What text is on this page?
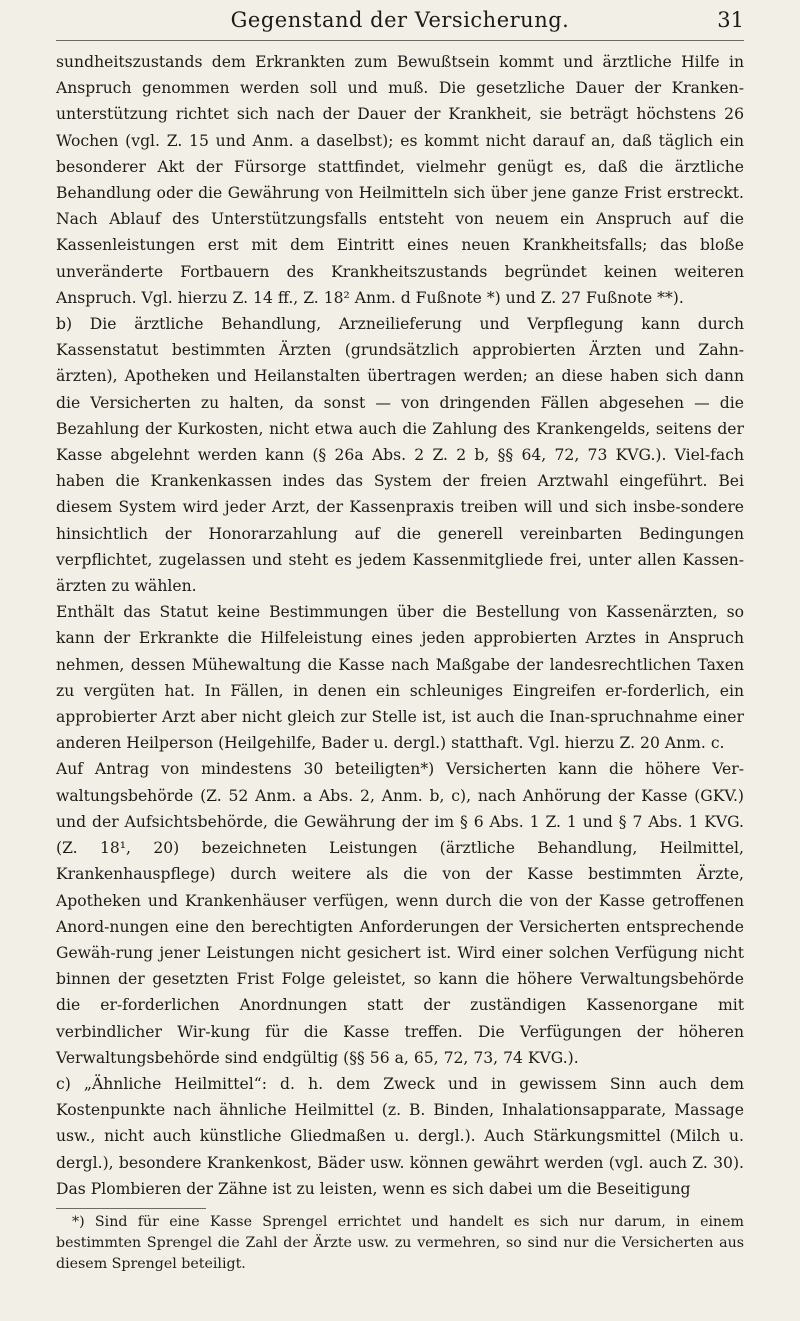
Gegenstand der Versicherung.	31

sundheitszustands dem Erkrankten zum Bewußtsein kommt und ärztliche Hilfe in Anspruch genommen werden soll und muß. Die gesetzliche Dauer der Kranken-unterstützung richtet sich nach der Dauer der Krankheit, sie beträgt höchstens 26 Wochen (vgl. Z. 15 und Anm. a daselbst); es kommt nicht darauf an, daß täglich ein besonderer Akt der Fürsorge stattfindet, vielmehr genügt es, daß die ärztliche Behandlung oder die Gewährung von Heilmitteln sich über jene ganze Frist erstreckt. Nach Ablauf des Unterstützungsfalls entsteht von neuem ein Anspruch auf die Kassenleistungen erst mit dem Eintritt eines neuen Krankheitsfalls; das bloße unveränderte Fortbauern des Krankheitszustands begründet keinen weiteren Anspruch. Vgl. hierzu Z. 14 ff., Z. 18² Anm. d Fußnote *) und Z. 27 Fußnote **).

b) Die ärztliche Behandlung, Arzneilieferung und Verpflegung kann durch Kassenstatut bestimmten Ärzten (grundsätzlich approbierten Ärzten und Zahn-ärzten), Apotheken und Heilanstalten übertragen werden; an diese haben sich dann die Versicherten zu halten, da sonst — von dringenden Fällen abgesehen — die Bezahlung der Kurkosten, nicht etwa auch die Zahlung des Krankengelds, seitens der Kasse abgelehnt werden kann (§ 26a Abs. 2 Z. 2 b, §§ 64, 72, 73 KVG.). Viel-fach haben die Krankenkassen indes das System der freien Arztwahl eingeführt. Bei diesem System wird jeder Arzt, der Kassenpraxis treiben will und sich insbe-sondere hinsichtlich der Honorarzahlung auf die generell vereinbarten Bedingungen verpflichtet, zugelassen und steht es jedem Kassenmitgliede frei, unter allen Kassen-ärzten zu wählen.

Enthält das Statut keine Bestimmungen über die Bestellung von Kassenärzten, so kann der Erkrankte die Hilfeleistung eines jeden approbierten Arztes in Anspruch nehmen, dessen Mühewaltung die Kasse nach Maßgabe der landesrechtlichen Taxen zu vergüten hat. In Fällen, in denen ein schleuniges Eingreifen er-forderlich, ein approbierter Arzt aber nicht gleich zur Stelle ist, ist auch die Inan-spruchnahme einer anderen Heilperson (Heilgehilfe, Bader u. dergl.) statthaft. Vgl. hierzu Z. 20 Anm. c.

Auf Antrag von mindestens 30 beteiligten*) Versicherten kann die höhere Ver-waltungsbehörde (Z. 52 Anm. a Abs. 2, Anm. b, c), nach Anhörung der Kasse (GKV.) und der Aufsichtsbehörde, die Gewährung der im § 6 Abs. 1 Z. 1 und § 7 Abs. 1 KVG. (Z. 18¹, 20) bezeichneten Leistungen (ärztliche Behandlung, Heilmittel, Krankenhauspflege) durch weitere als die von der Kasse bestimmten Ärzte, Apotheken und Krankenhäuser verfügen, wenn durch die von der Kasse getroffenen Anord-nungen eine den berechtigten Anforderungen der Versicherten entsprechende Gewäh-rung jener Leistungen nicht gesichert ist. Wird einer solchen Verfügung nicht binnen der gesetzten Frist Folge geleistet, so kann die höhere Verwaltungsbehörde die er-forderlichen Anordnungen statt der zuständigen Kassenorgane mit verbindlicher Wir-kung für die Kasse treffen. Die Verfügungen der höheren Verwaltungsbehörde sind endgültig (§§ 56 a, 65, 72, 73, 74 KVG.).

c) „Ähnliche Heilmittel“: d. h. dem Zweck und in gewissem Sinn auch dem Kostenpunkte nach ähnliche Heilmittel (z. B. Binden, Inhalationsapparate, Massage usw., nicht auch künstliche Gliedmaßen u. dergl.). Auch Stärkungsmittel (Milch u. dergl.), besondere Krankenkost, Bäder usw. können gewährt werden (vgl. auch Z. 30). Das Plombieren der Zähne ist zu leisten, wenn es sich dabei um die Beseitigung

*) Sind für eine Kasse Sprengel errichtet und handelt es sich nur darum, in einem bestimmten Sprengel die Zahl der Ärzte usw. zu vermehren, so sind nur die Versicherten aus diesem Sprengel beteiligt.
